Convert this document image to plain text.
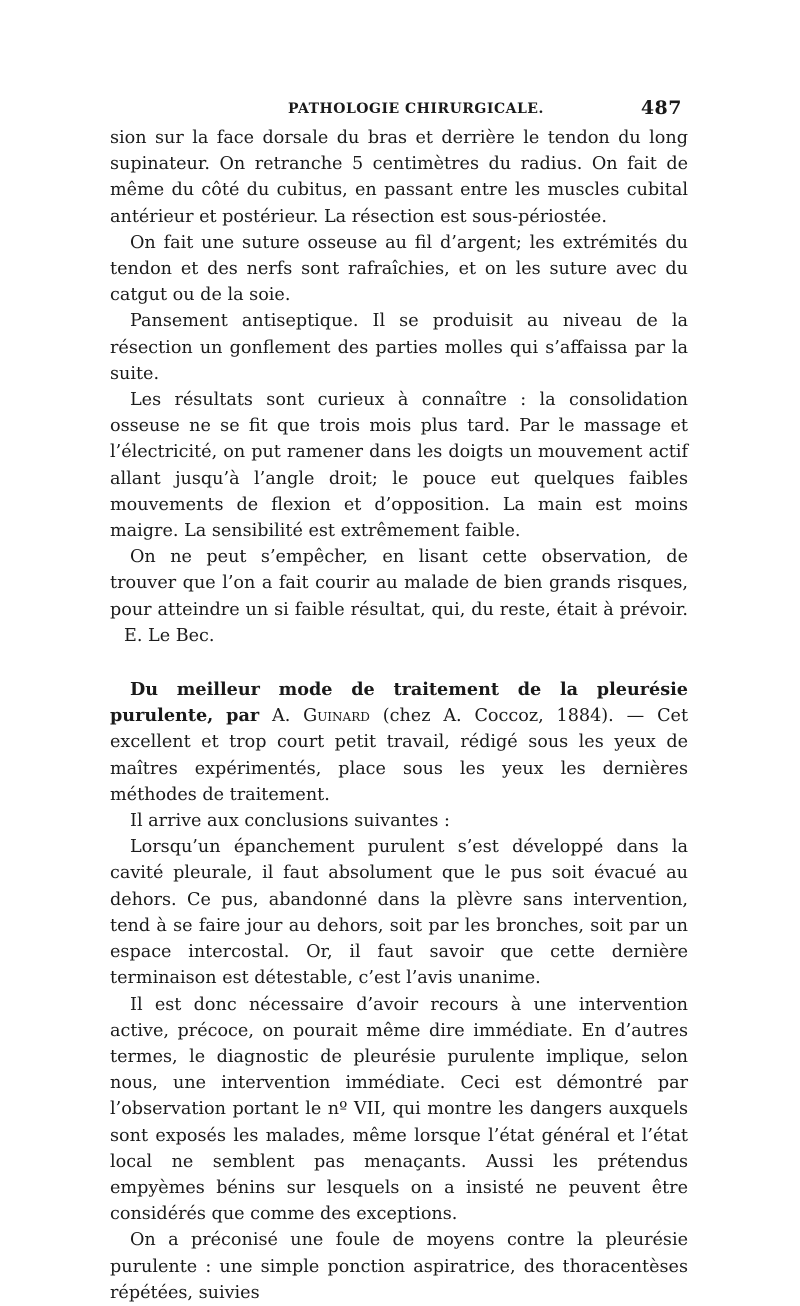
PATHOLOGIE CHIRURGICALE.	487

sion sur la face dorsale du bras et derrière le tendon du long supinateur. On retranche 5 centimètres du radius. On fait de même du côté du cubitus, en passant entre les muscles cubital antérieur et postérieur. La résection est sous-périostée.

On fait une suture osseuse au fil d’argent; les extrémités du tendon et des nerfs sont rafraîchies, et on les suture avec du catgut ou de la soie.

Pansement antiseptique. Il se produisit au niveau de la résection un gonflement des parties molles qui s’affaissa par la suite.

Les résultats sont curieux à connaître : la consolidation osseuse ne se fit que trois mois plus tard. Par le massage et l’électricité, on put ramener dans les doigts un mouvement actif allant jusqu’à l’angle droit; le pouce eut quelques faibles mouvements de flexion et d’opposition. La main est moins maigre. La sensibilité est extrêmement faible.

On ne peut s’empêcher, en lisant cette observation, de trouver que l’on a fait courir au malade de bien grands risques, pour atteindre un si faible résultat, qui, du reste, était à prévoir. E. Le Bec.

Du meilleur mode de traitement de la pleurésie purulente, par A. Guinard (chez A. Coccoz, 1884). — Cet excellent et trop court petit travail, rédigé sous les yeux de maîtres expérimentés, place sous les yeux les dernières méthodes de traitement.

Il arrive aux conclusions suivantes :

Lorsqu’un épanchement purulent s’est développé dans la cavité pleurale, il faut absolument que le pus soit évacué au dehors. Ce pus, abandonné dans la plèvre sans intervention, tend à se faire jour au dehors, soit par les bronches, soit par un espace intercostal. Or, il faut savoir que cette dernière terminaison est détestable, c’est l’avis unanime.

Il est donc nécessaire d’avoir recours à une intervention active, précoce, on pourait même dire immédiate. En d’autres termes, le diagnostic de pleurésie purulente implique, selon nous, une intervention immédiate. Ceci est démontré par l’observation portant le nº VII, qui montre les dangers auxquels sont exposés les malades, même lorsque l’état général et l’état local ne semblent pas menaçants. Aussi les prétendus empyèmes bénins sur lesquels on a insisté ne peuvent être considérés que comme des exceptions.

On a préconisé une foule de moyens contre la pleurésie purulente : une simple ponction aspiratrice, des thoracentèses répétées, suivies
